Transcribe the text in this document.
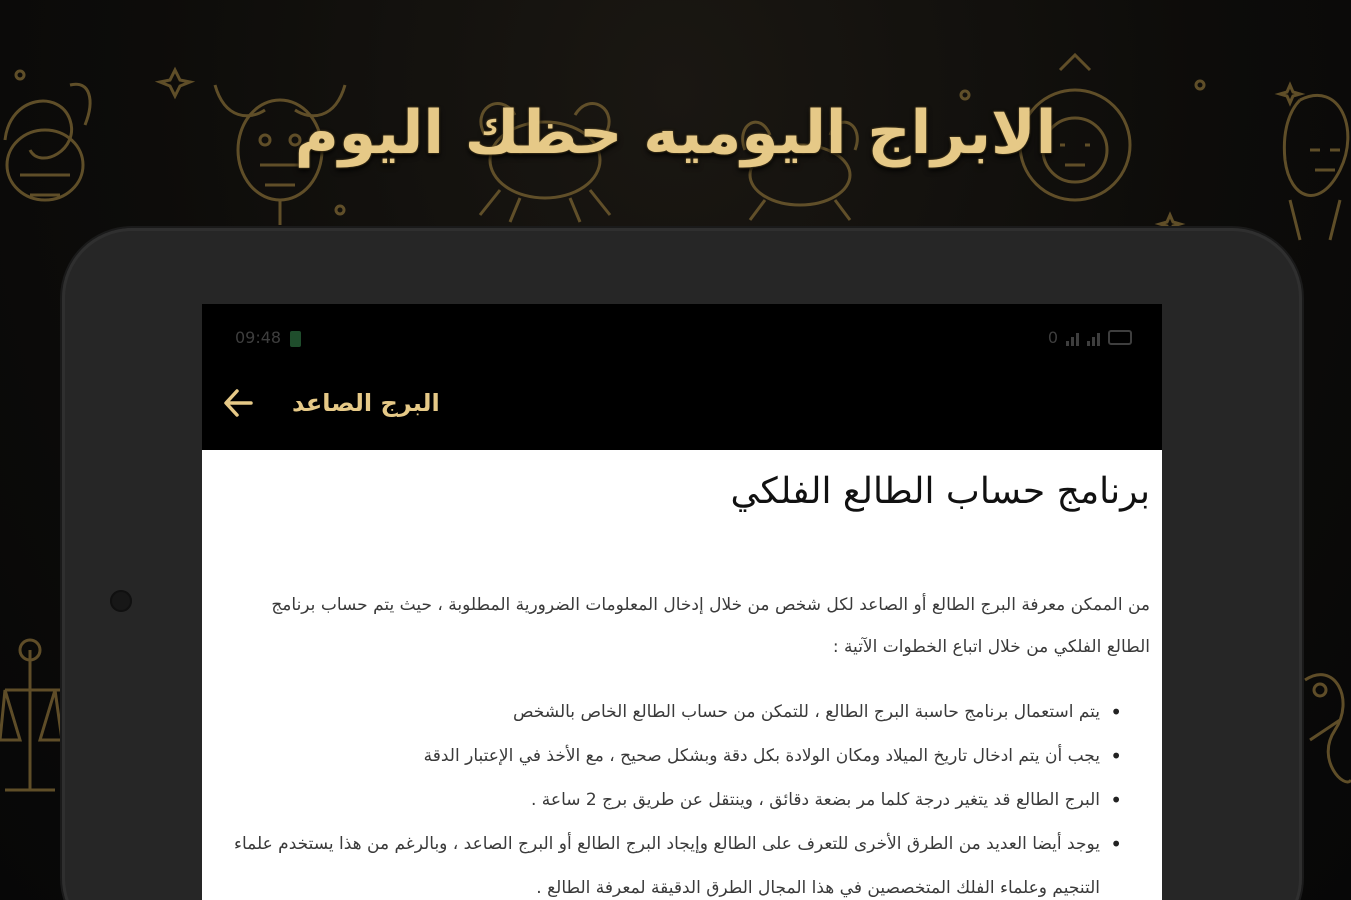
الابراج اليوميه حظك اليوم
09:48	0
البرج الصاعد
برنامج حساب الطالع الفلكي

من الممكن معرفة البرج الطالع أو الصاعد لكل شخص من خلال إدخال المعلومات الضرورية المطلوبة ، حيث يتم حساب برنامج الطالع الفلكي من خلال اتباع الخطوات الآتية :

•
يتم استعمال برنامج حاسبة البرج الطالع ، للتمكن من حساب الطالع الخاص بالشخص
•
يجب أن يتم ادخال تاريخ الميلاد ومكان الولادة بكل دقة وبشكل صحيح ، مع الأخذ في الإعتبار الدقة
•
البرج الطالع قد يتغير درجة كلما مر بضعة دقائق ، وينتقل عن طريق برج 2 ساعة .
•
يوجد أيضا العديد من الطرق الأخرى للتعرف على الطالع وإيجاد البرج الطالع أو البرج الصاعد ، وبالرغم من هذا يستخدم علماء التنجيم وعلماء الفلك المتخصصين في هذا المجال الطرق الدقيقة لمعرفة الطالع .
